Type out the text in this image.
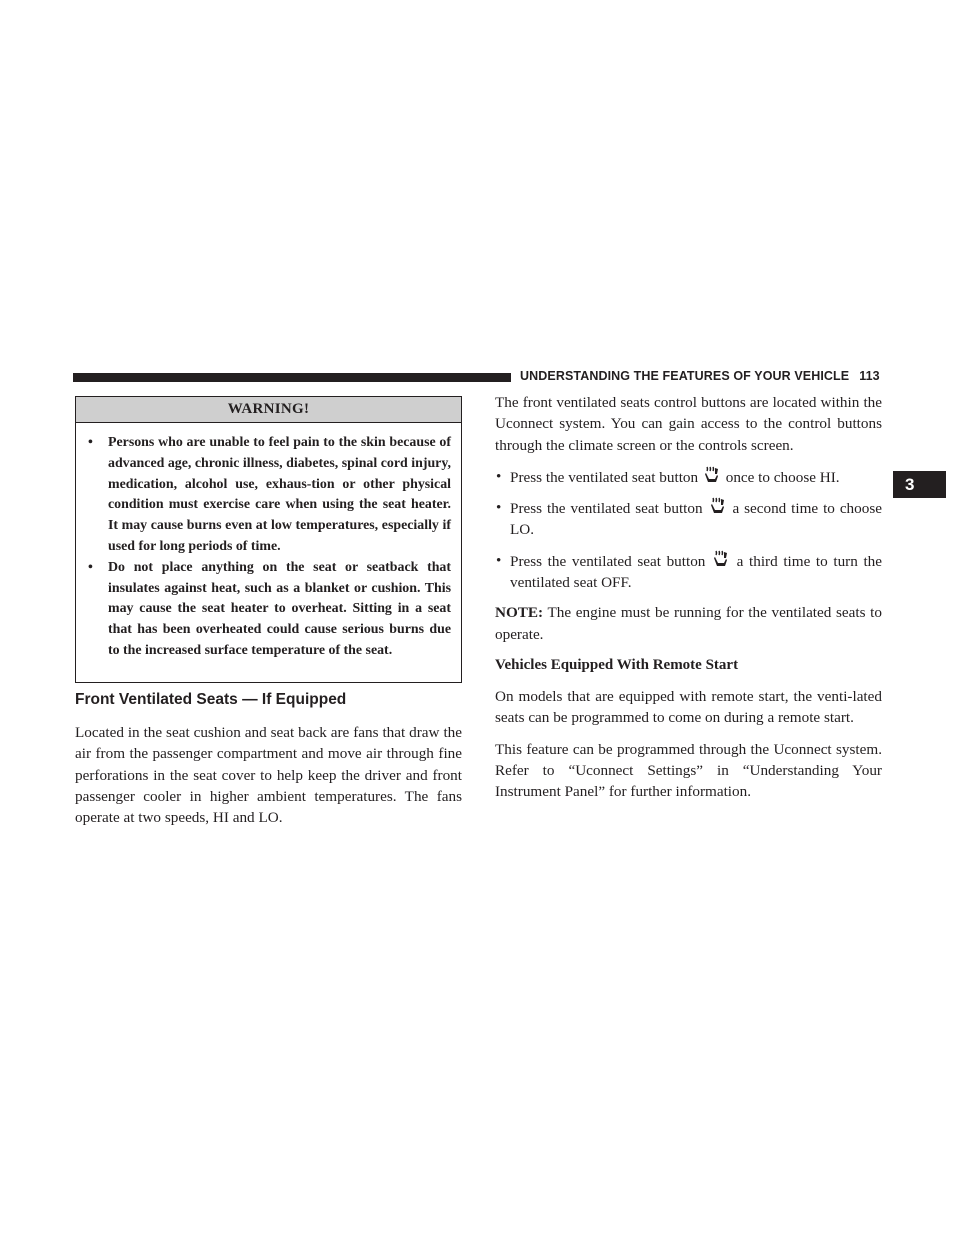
UNDERSTANDING THE FEATURES OF YOUR VEHICLE 113
3
WARNING!
• Persons who are unable to feel pain to the skin because of advanced age, chronic illness, diabetes, spinal cord injury, medication, alcohol use, exhaus-tion or other physical condition must exercise care when using the seat heater. It may cause burns even at low temperatures, especially if used for long periods of time.
• Do not place anything on the seat or seatback that insulates against heat, such as a blanket or cushion. This may cause the seat heater to overheat. Sitting in a seat that has been overheated could cause serious burns due to the increased surface temperature of the seat.
Front Ventilated Seats — If Equipped

Located in the seat cushion and seat back are fans that draw the air from the passenger compartment and move air through fine perforations in the seat cover to help keep the driver and front passenger cooler in higher ambient temperatures. The fans operate at two speeds, HI and LO.

The front ventilated seats control buttons are located within the Uconnect system. You can gain access to the control buttons through the climate screen or the controls screen.

• Press the ventilated seat button once to choose HI.
• Press the ventilated seat button a second time to choose LO.
• Press the ventilated seat button a third time to turn the ventilated seat OFF.

NOTE: The engine must be running for the ventilated seats to operate.

Vehicles Equipped With Remote Start

On models that are equipped with remote start, the venti-lated seats can be programmed to come on during a remote start.

This feature can be programmed through the Uconnect system. Refer to “Uconnect Settings” in “Understanding Your Instrument Panel” for further information.
